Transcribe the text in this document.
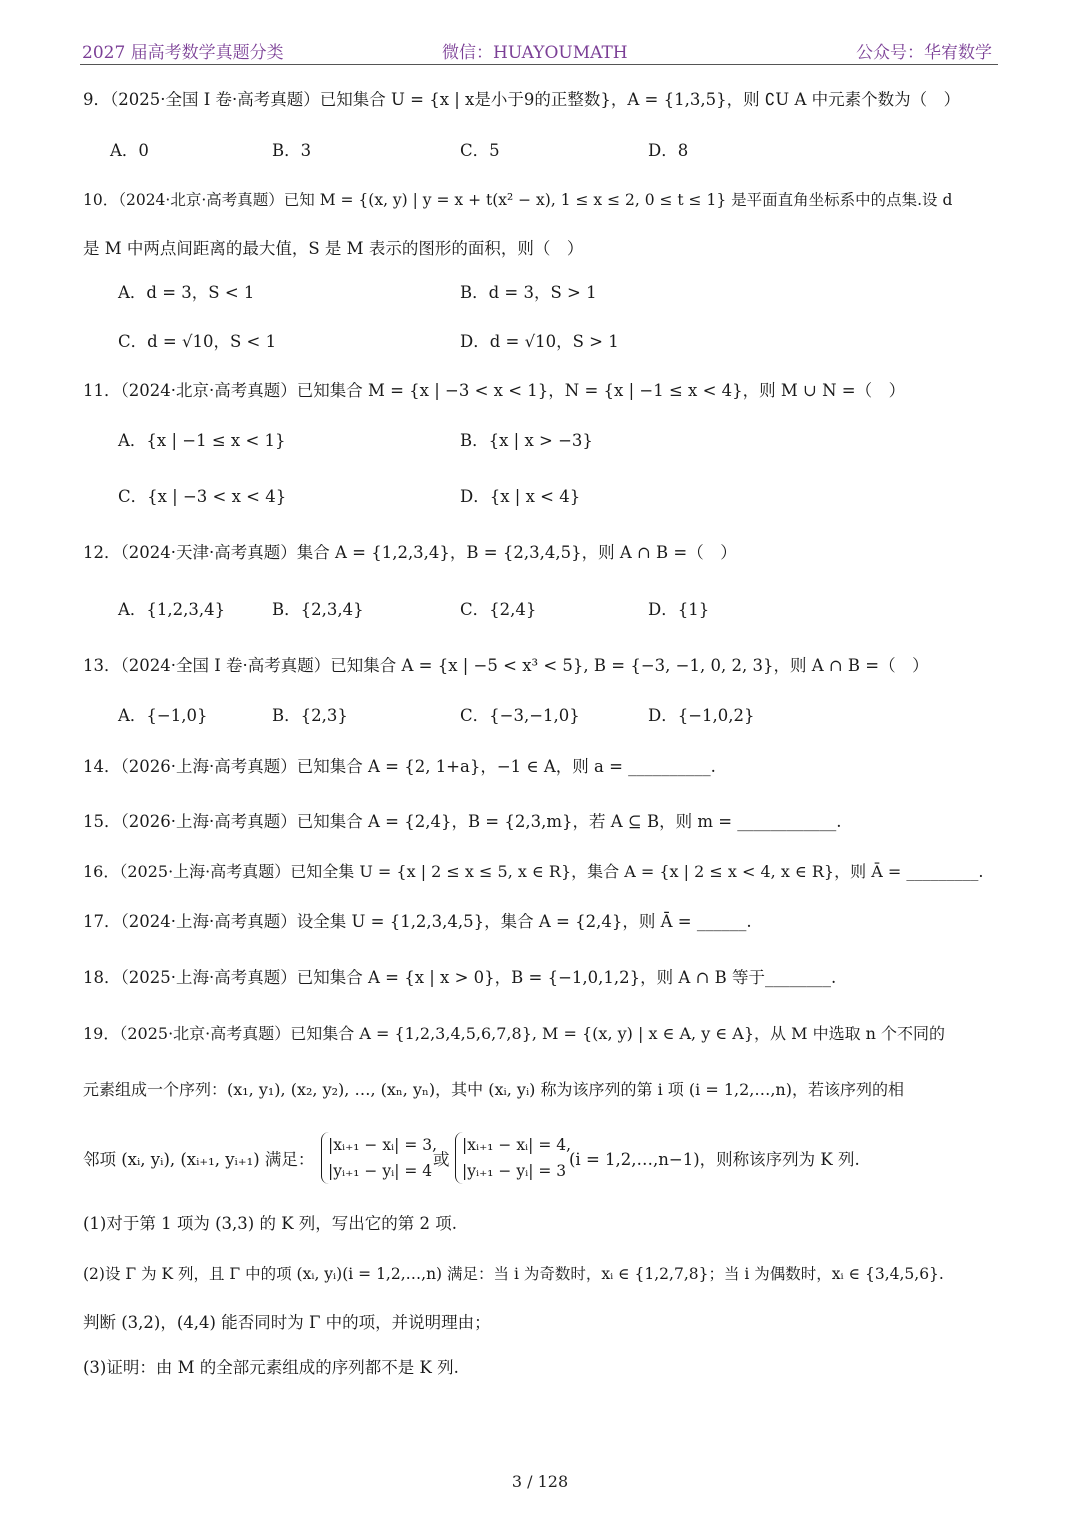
2027 届高考数学真题分类	微信：HUAYOUMATH	公众号：华宥数学
9．（2025·全国 I 卷·高考真题）已知集合 U = {x | x是小于9的正整数}，A = {1,3,5}，则 ∁U A 中元素个数为（　）
A．0	B．3	C．5	D．8
10．（2024·北京·高考真题）已知 M = {(x, y) | y = x + t(x² − x), 1 ≤ x ≤ 2, 0 ≤ t ≤ 1} 是平面直角坐标系中的点集.设 d
是 M 中两点间距离的最大值，S 是 M 表示的图形的面积，则（　）
A．d = 3，S < 1	B．d = 3，S > 1
C．d = √10，S < 1	D．d = √10，S > 1
11．（2024·北京·高考真题）已知集合 M = {x | −3 < x < 1}，N = {x | −1 ≤ x < 4}，则 M ∪ N =（　）
A．{x | −1 ≤ x < 1}	B．{x | x > −3}
C．{x | −3 < x < 4}	D．{x | x < 4}
12．（2024·天津·高考真题）集合 A = {1,2,3,4}，B = {2,3,4,5}，则 A ∩ B =（　）
A．{1,2,3,4}	B．{2,3,4}	C．{2,4}	D．{1}
13．（2024·全国 I 卷·高考真题）已知集合 A = {x | −5 < x³ < 5}, B = {−3, −1, 0, 2, 3}，则 A ∩ B =（　）
A．{−1,0}	B．{2,3}	C．{−3,−1,0}	D．{−1,0,2}
14．（2026·上海·高考真题）已知集合 A = {2, 1+a}，−1 ∈ A，则 a = __________.
15．（2026·上海·高考真题）已知集合 A = {2,4}，B = {2,3,m}，若 A ⊆ B，则 m = ____________.
16．（2025·上海·高考真题）已知全集 U = {x | 2 ≤ x ≤ 5, x ∈ R}，集合 A = {x | 2 ≤ x < 4, x ∈ R}，则 Ā = _________.
17．（2024·上海·高考真题）设全集 U = {1,2,3,4,5}，集合 A = {2,4}，则 Ā = ______.
18．（2025·上海·高考真题）已知集合 A = {x | x > 0}，B = {−1,0,1,2}，则 A ∩ B 等于________.
19．（2025·北京·高考真题）已知集合 A = {1,2,3,4,5,6,7,8}, M = {(x, y) | x ∈ A, y ∈ A}，从 M 中选取 n 个不同的
元素组成一个序列：(x₁, y₁), (x₂, y₂), …, (xₙ, yₙ)，其中 (xᵢ, yᵢ) 称为该序列的第 i 项 (i = 1,2,…,n)，若该序列的相
邻项 (xᵢ, yᵢ), (xᵢ₊₁, yᵢ₊₁) 满足：
|xᵢ₊₁ − xᵢ| = 3,
|yᵢ₊₁ − yᵢ| = 4
或
|xᵢ₊₁ − xᵢ| = 4,
|yᵢ₊₁ − yᵢ| = 3
(i = 1,2,…,n−1)，则称该序列为 K 列.
(1)对于第 1 项为 (3,3) 的 K 列，写出它的第 2 项.
(2)设 Γ 为 K 列，且 Γ 中的项 (xᵢ, yᵢ)(i = 1,2,…,n) 满足：当 i 为奇数时，xᵢ ∈ {1,2,7,8}；当 i 为偶数时，xᵢ ∈ {3,4,5,6}.
判断 (3,2)，(4,4) 能否同时为 Γ 中的项，并说明理由；
(3)证明：由 M 的全部元素组成的序列都不是 K 列.
3 / 128
